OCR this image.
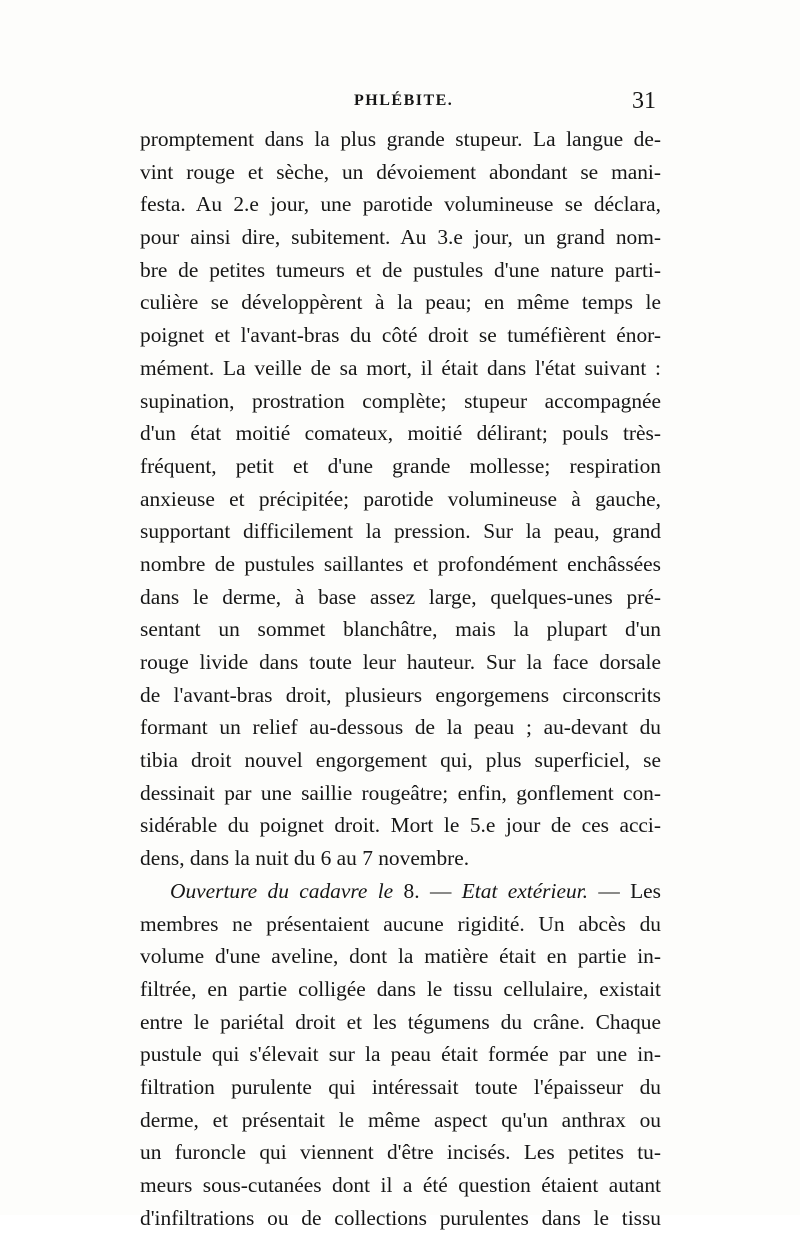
PHLÉBITE.	31
promptement dans la plus grande stupeur. La langue de-
vint rouge et sèche, un dévoiement abondant se mani-
festa. Au 2.e jour, une parotide volumineuse se déclara,
pour ainsi dire, subitement. Au 3.e jour, un grand nom-
bre de petites tumeurs et de pustules d'une nature parti-
culière se développèrent à la peau; en même temps le
poignet et l'avant-bras du côté droit se tuméfièrent énor-
mément. La veille de sa mort, il était dans l'état suivant :
supination, prostration complète; stupeur accompagnée
d'un état moitié comateux, moitié délirant; pouls très-
fréquent, petit et d'une grande mollesse; respiration
anxieuse et précipitée; parotide volumineuse à gauche,
supportant difficilement la pression. Sur la peau, grand
nombre de pustules saillantes et profondément enchâssées
dans le derme, à base assez large, quelques-unes pré-
sentant un sommet blanchâtre, mais la plupart d'un
rouge livide dans toute leur hauteur. Sur la face dorsale
de l'avant-bras droit, plusieurs engorgemens circonscrits
formant un relief au-dessous de la peau ; au-devant du
tibia droit nouvel engorgement qui, plus superficiel, se
dessinait par une saillie rougeâtre; enfin, gonflement con-
sidérable du poignet droit. Mort le 5.e jour de ces acci-
dens, dans la nuit du 6 au 7 novembre.
Ouverture du cadavre le 8. — Etat extérieur. — Les
membres ne présentaient aucune rigidité. Un abcès du
volume d'une aveline, dont la matière était en partie in-
filtrée, en partie colligée dans le tissu cellulaire, existait
entre le pariétal droit et les tégumens du crâne. Chaque
pustule qui s'élevait sur la peau était formée par une in-
filtration purulente qui intéressait toute l'épaisseur du
derme, et présentait le même aspect qu'un anthrax ou
un furoncle qui viennent d'être incisés. Les petites tu-
meurs sous-cutanées dont il a été question étaient autant
d'infiltrations ou de collections purulentes dans le tissu
